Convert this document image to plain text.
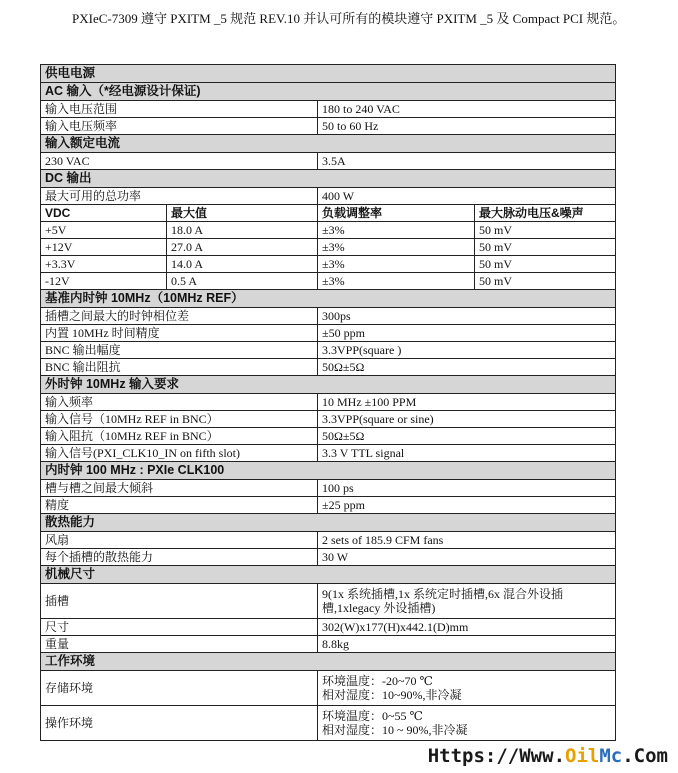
PXIeC-7309 遵守 PXITM _5 规范 REV.10 并认可所有的模块遵守 PXITM _5 及 Compact PCI 规范。
供电电源			
AC 输入（*经电源设计保证)			
输入电压范围		180 to 240 VAC	
输入电压频率		50 to 60 Hz	
输入额定电流			
230 VAC		3.5A	
DC 输出			
最大可用的总功率		400 W	
VDC	最大值	负载调整率	最大脉动电压&噪声
+5V	18.0 A	±3%	50 mV
+12V	27.0 A	±3%	50 mV
+3.3V	14.0 A	±3%	50 mV
-12V	0.5 A	±3%	50 mV
基准内时钟 10MHz（10MHz REF）			
插槽之间最大的时钟相位差		300ps	
内置 10MHz 时间精度		±50 ppm	
BNC 输出幅度		3.3VPP(square )	
BNC 输出阻抗		50Ω±5Ω	
外时钟 10MHz 输入要求			
输入频率		10 MHz ±100 PPM	
输入信号（10MHz REF in BNC）		3.3VPP(square or sine)	
输入阻抗（10MHz REF in BNC）		50Ω±5Ω	
输入信号(PXI_CLK10_IN on fifth slot)		3.3 V TTL signal	
内时钟 100 MHz : PXIe CLK100			
槽与槽之间最大倾斜		100 ps	
精度		±25 ppm	
散热能力			
风扇		2 sets of 185.9 CFM fans	
每个插槽的散热能力		30 W	
机械尺寸			
插槽		9(1x 系统插槽,1x 系统定时插槽,6x 混合外设插槽,1xlegacy 外设插槽)	
尺寸		302(W)x177(H)x442.1(D)mm	
重量		8.8kg	
工作环境			
存储环境		环境温度：-20~70 ℃
相对湿度：10~90%,非冷凝	

操作环境		环境温度：0~55 ℃
相对湿度：10 ~ 90%,非冷凝	
Https://Www.OilMc.Com
